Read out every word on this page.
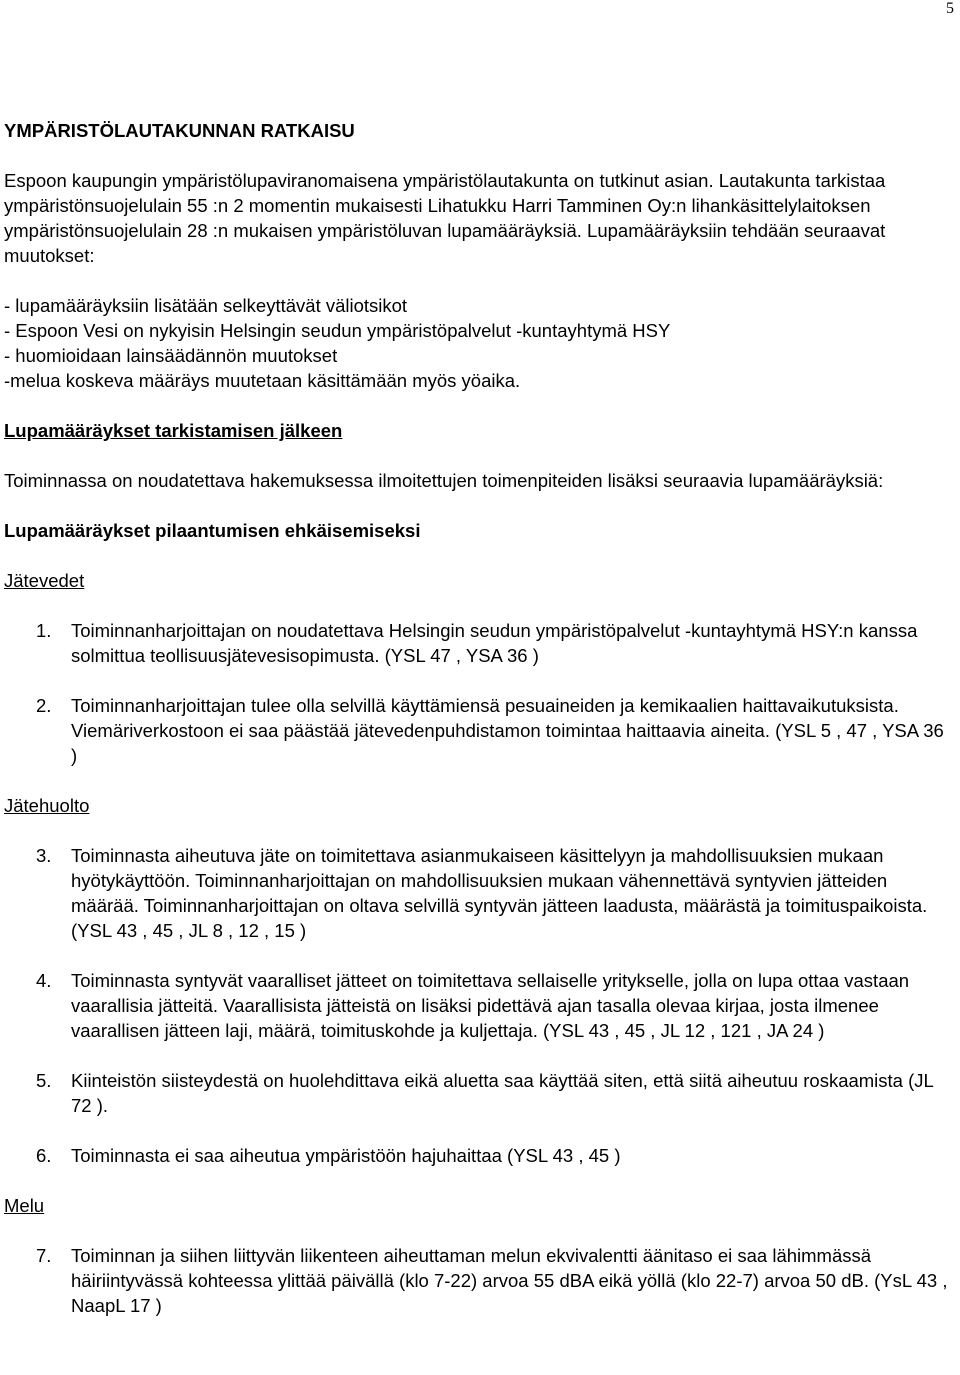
5

YMPÄRISTÖLAUTAKUNNAN RATKAISU

Espoon kaupungin ympäristölupaviranomaisena ympäristölautakunta on tutkinut asian. Lautakunta tarkistaa ympäristönsuojelulain 55 :n 2 momentin mukaisesti Lihatukku Harri Tamminen Oy:n lihankäsittelylaitoksen ympäristönsuojelulain 28 :n mukaisen ympäristöluvan lupamääräyksiä. Lupamääräyksiin tehdään seuraavat muutokset:

- lupamääräyksiin lisätään selkeyttävät väliotsikot

- Espoon Vesi on nykyisin Helsingin seudun ympäristöpalvelut -kuntayhtymä HSY

- huomioidaan lainsäädännön muutokset

-melua koskeva määräys muutetaan käsittämään myös yöaika.

Lupamääräykset tarkistamisen jälkeen

Toiminnassa on noudatettava hakemuksessa ilmoitettujen toimenpiteiden lisäksi seuraavia lupamääräyksiä:

Lupamääräykset pilaantumisen ehkäisemiseksi

Jätevedet

1.	Toiminnanharjoittajan on noudatettava Helsingin seudun ympäristöpalvelut -kuntayhtymä HSY:n kanssa solmittua teollisuusjätevesisopimusta. (YSL 47 , YSA 36 )
2.	Toiminnanharjoittajan tulee olla selvillä käyttämiensä pesuaineiden ja kemikaalien haittavaikutuksista. Viemäriverkostoon ei saa päästää jätevedenpuhdistamon toimintaa haittaavia aineita. (YSL 5 , 47 , YSA 36 )

Jätehuolto

3.	Toiminnasta aiheutuva jäte on toimitettava asianmukaiseen käsittelyyn ja mahdollisuuksien mukaan hyötykäyttöön. Toiminnanharjoittajan on mahdollisuuksien mukaan vähennettävä syntyvien jätteiden määrää. Toiminnanharjoittajan on oltava selvillä syntyvän jätteen laadusta, määrästä ja toimituspaikoista. (YSL 43 , 45 , JL 8 , 12 , 15 )
4.	Toiminnasta syntyvät vaaralliset jätteet on toimitettava sellaiselle yritykselle, jolla on lupa ottaa vastaan vaarallisia jätteitä. Vaarallisista jätteistä on lisäksi pidettävä ajan tasalla olevaa kirjaa, josta ilmenee vaarallisen jätteen laji, määrä, toimituskohde ja kuljettaja. (YSL 43 , 45 , JL 12 , 121 , JA 24 )
5.	Kiinteistön siisteydestä on huolehdittava eikä aluetta saa käyttää siten, että siitä aiheutuu roskaamista (JL 72 ).
6.	Toiminnasta ei saa aiheutua ympäristöön hajuhaittaa (YSL 43 , 45 )

Melu

7.	Toiminnan ja siihen liittyvän liikenteen aiheuttaman melun ekvivalentti äänitaso ei saa lähimmässä häiriintyvässä kohteessa ylittää päivällä (klo 7-22) arvoa 55 dBA eikä yöllä (klo 22-7) arvoa 50 dB. (YsL 43 , NaapL 17 )
